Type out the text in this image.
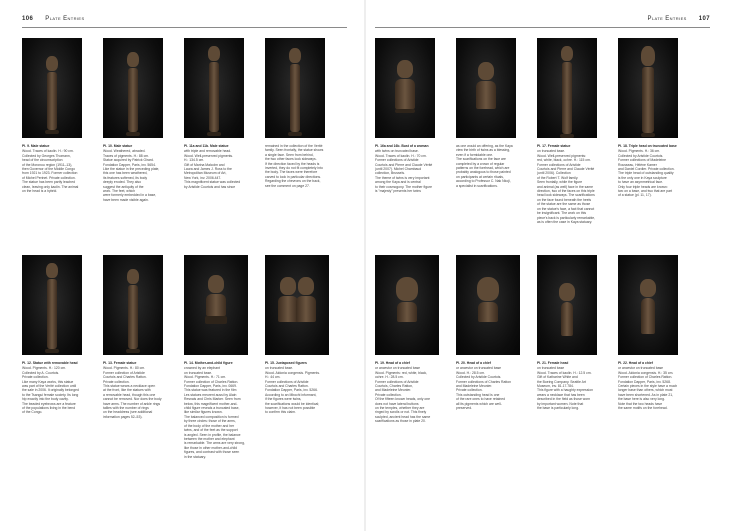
106 Plate Entries
Pl. 9. Male statue
Wood. Traces of kaolin. H.: 90 cm.
Collected by Georges Thomann,
head of the circumscription
of the Moronou region (1911–13),
then Governor of the Middle Congo
from 1921 to 1923. Former collection
of Michel Perinet. Private collection.
The statue has been partly leached
clean, leaving only kaolin. The animal
on the head is a hybrid.
Pl. 10. Male statue
Wood. Weathered, abraded.
Traces of pigments. H.: 88 cm.
Statue acquired by Patrick Girard.
Fondation Dapper, Paris, inv. 5654.
Like the statue in the preceding plate,
this one has been weathered,
its features softened, its body
deeply eroded. They also
suggest the antiquity of the
work. The feet, which
were formerly embedded in a base,
have been made visible again.
Pl. 11a and 11b. Male statue
with triple and removable head.
Wood. Well-preserved pigments.
H.: 134.5 cm.
Gift of Marina Malcolm and
Laura and James J. Ross to the
Metropolitan Museum of Art,
New York, inv. 2006.447.
This magnificent statue was collected
by Aristide Courtois and has since
remained in the collection of the Verité
family. Seen frontally, the statue shows
a single face. Seen from behind,
the two other faces look sideways.
If the direction faced by the heads is
inverted, they do not fit completely into
the body. The faces were therefore
carved to look in particular directions.
Regarding the chevrons on the back,
see the comment on page 27.
Pl. 12. Statue with removable head
Wood. Pigments. H.: 120 cm.
Collected by A. Courtois.
Private collection.
Like many Kaya works, this statue
was part of the Verité collection until
the sale in 2006. It originally belonged
to the Tsangui female society. Its long
hip exactly into the body cavity.
The beaded eyebrows are a feature
of the populations living in the bend
of the Congo.
Pl. 13. Female statue
Wood. Pigments. H.: 80 cm.
Former collection of Aristide
Courtois and Charles Ratton.
Private collection.
This statue wears a necklace open
at the front, like the statues with
a removable head, though this one
cannot be removed. Nor does the body
have arms. The number of ankle rings
tallies with the number of rings
on the headdress (see additional
information pages 52–53).
Pl. 14. Mother-and-child figure
crowned by an elephant
on truncated base.
Wood. Pigments. H.: 71 cm.
Former collection of Charles Ratton.
Fondation Dapper, Paris, inv. 0669.
This statue was featured in the film
Les statues meurent aussi by Alain
Resnais and Chris Marker. Seen from
below, this magnificent mother-and-
child figure reveals a truncated base,
like similar figures known.
The balanced composition is formed
by three circles: those of the arms,
of the body of the mother and her
twins, and of the feet as the support
is angled. Seen in profile, the balance
between the mother and elephant
is remarkable. The arms are very strong,
like those in other mother-and-child
figures, and contrast with those seen
in the statuary.
Pl. 15. Juxtaposed figures
on truncated base.
Wood. Aidonia congensis. Pigments.
H.: 44 cm.
Former collections of Aristide
Courtois and Charles Ratton.
Fondation Dapper, Paris, inv. 5266.
According to an Mbochi informant,
if the figures were twins,
the scarifications would be identical;
however, it has not been possible
to confirm this claim.
Plate Entries 107
Pl. 16a and 16b. Bust of a woman
with twins on truncated base.
Wood. Traces of kaolin. H.: 70 cm.
Former collections of Aristide
Courtois and Pierre and Claude Vérité
(until 2007). Michel Chambaud
collection, Brussels.
The theme of twins is very important
among the Kaya and is central
to their cosmogony. The mother figure
is "majesty" presents her twins
as one would an offering, as the Kaya
view the birth of twins as a blessing,
even if a formidable one.
The scarifications on the face are
completed by a crown of regular
patterns on the forehead, which are
probably analogous to those painted
on participants at certain rituals,
according to Professor C. Nak Nkoji,
a specialist in scarifications.
Pl. 17. Female statue
on truncated base.
Wood. Well-preserved pigments:
red, white, black, ochre. H.: 115 cm.
Former collections of Aristide
Courtois and Pierre and Claude Vérité
(until 2006). Collection
of the Robert T. Wolf family.
Seen frontally, while the figure
and animal (as well) face in the same
direction, two of the faces on this triple
head look sideways. The scarifications
on the face found beneath the heels
of the statue are the same as those
on the statue's face, a fact that cannot
be insignificant. The work on this
piece's back is particularly remarkable,
as is often the case in Kaya statuary.
Pl. 18. Triple head on truncated base
Wood. Pigments. H.: 36 cm.
Collected by Aristide Courtois.
Former collections of Madeleine
Rousseau, Hélène Kamer
and Daniel Cordier. Private collection.
The triple head of outstanding quality
is the only one in Kaya sculpture
to have an asymmetrical face.
Only four triple heads are known:
two on a base, and two that are part
of a statue (pl. 11, 17).
Pl. 19. Head of a chief
or ancestor on truncated base
Wood. Pigments: red, white, black,
ochre. H.: 28.5 cm.
Former collections of Aristide
Courtois, Charles Ratton,
and Madeleine Meunier.
Private collection.
Of the fifteen known heads, only one
does not have lateral buttons
on the temples, whether they are
ringed by scrolls or not. This finely
sculpted, ancient head has the same
scarifications as those in plate 20.
Pl. 20. Head of a chief
or ancestor on truncated base
Wood. H.: 28.5 cm.
Collected by Aristide Courtois.
Former collections of Charles Ratton
and Madeleine Meunier.
Private collection.
This outstanding head is one
of the rare ones to have retained
all its pigments which are well-
preserved.
Pl. 21. Female head
on truncated base
Wood. Traces of kaolin. H.: 12.5 cm.
Gift of Katharine White and
the Boeing Company. Seattle Art
Museum, inv. 81.17.784.
This figure with a haughty expression
wears a necklace that has been
described in the field as those worn
by important women. Note that
the base is particularly long.
Pl. 22. Head of a chief
or ancestor on truncated base
Wood. Aidonia congensis. H.: 35 cm.
Former collection of Charles Ratton.
Fondation Dapper, Paris, inv. 5268.
Certain pieces in the style have a much
longer base than others, which must
have been shortened. As in plate 21,
the base here is also very long.
Note that the two heads have
the same motifs on the forehead.
